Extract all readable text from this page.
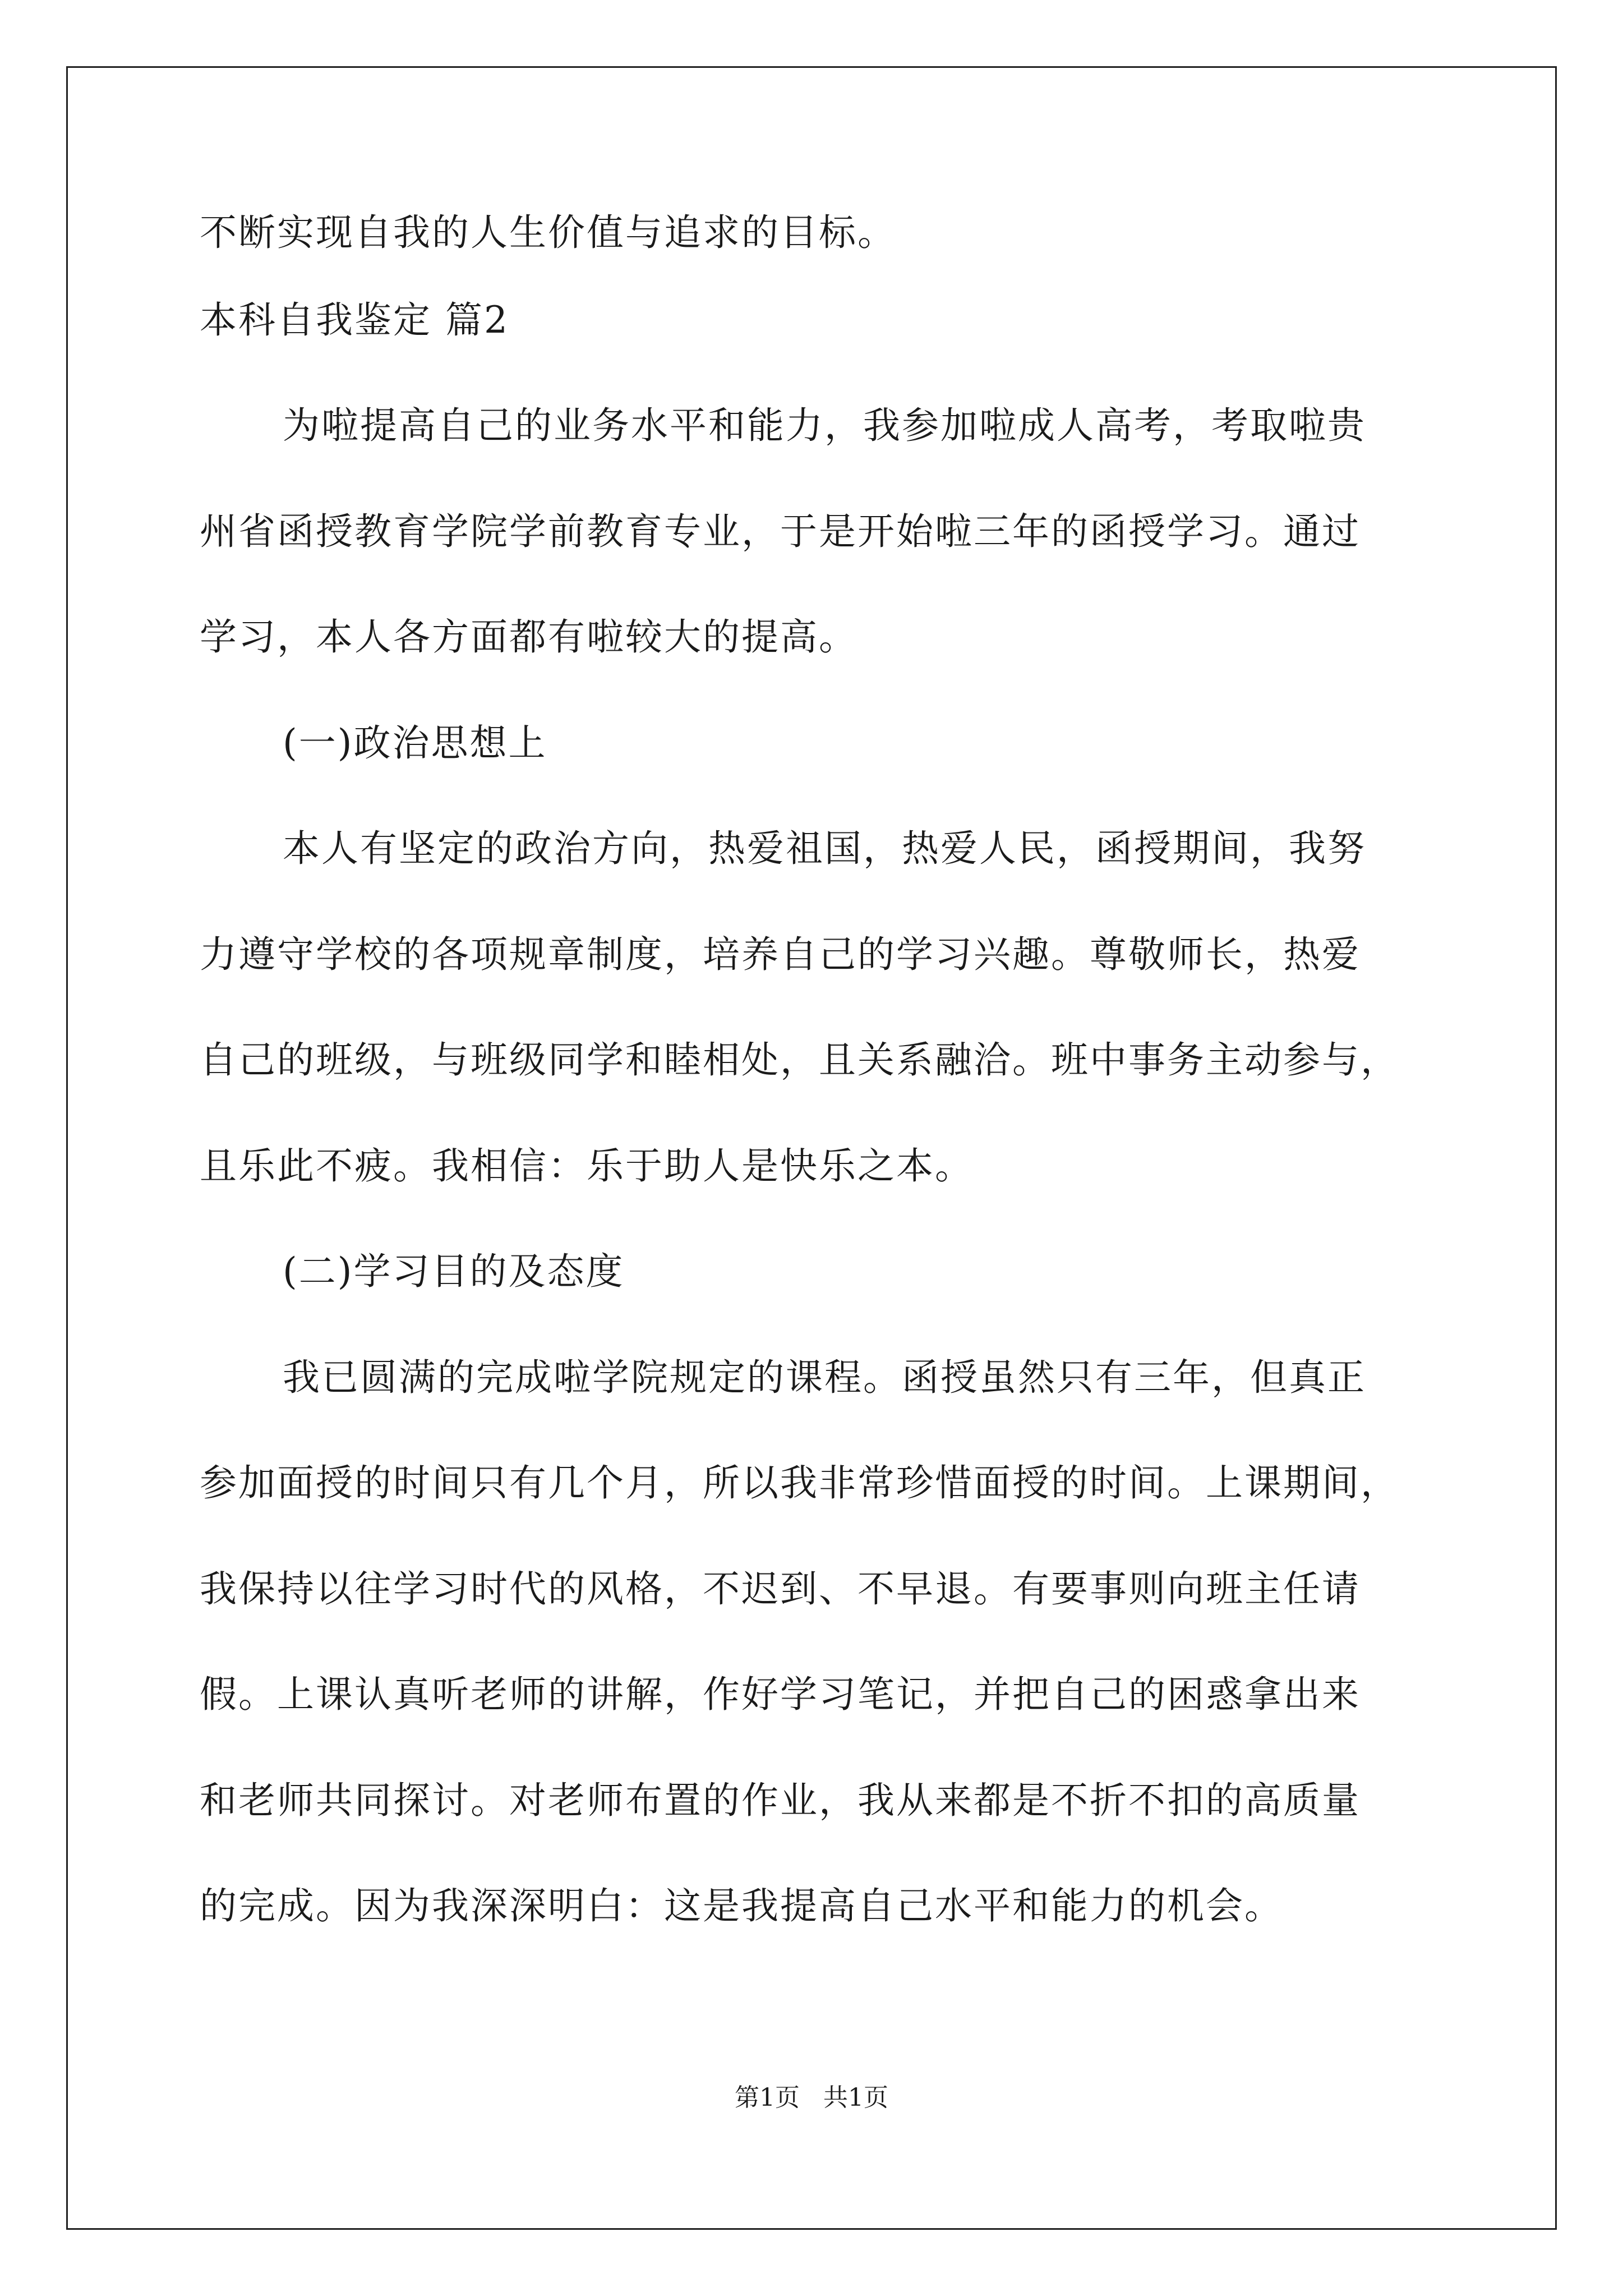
不断实现自我的人生价值与追求的目标。
本科自我鉴定 篇2
为啦提高自己的业务水平和能力，我参加啦成人高考，考取啦贵
州省函授教育学院学前教育专业，于是开始啦三年的函授学习。通过
学习，本人各方面都有啦较大的提高。
(一)政治思想上
本人有坚定的政治方向，热爱祖国，热爱人民，函授期间，我努
力遵守学校的各项规章制度，培养自己的学习兴趣。尊敬师长，热爱
自己的班级，与班级同学和睦相处，且关系融洽。班中事务主动参与，
且乐此不疲。我相信：乐于助人是快乐之本。
(二)学习目的及态度
我已圆满的完成啦学院规定的课程。函授虽然只有三年，但真正
参加面授的时间只有几个月，所以我非常珍惜面授的时间。上课期间，
我保持以往学习时代的风格，不迟到、不早退。有要事则向班主任请
假。上课认真听老师的讲解，作好学习笔记，并把自己的困惑拿出来
和老师共同探讨。对老师布置的作业，我从来都是不折不扣的高质量
的完成。因为我深深明白：这是我提高自己水平和能力的机会。
第1页 共1页
